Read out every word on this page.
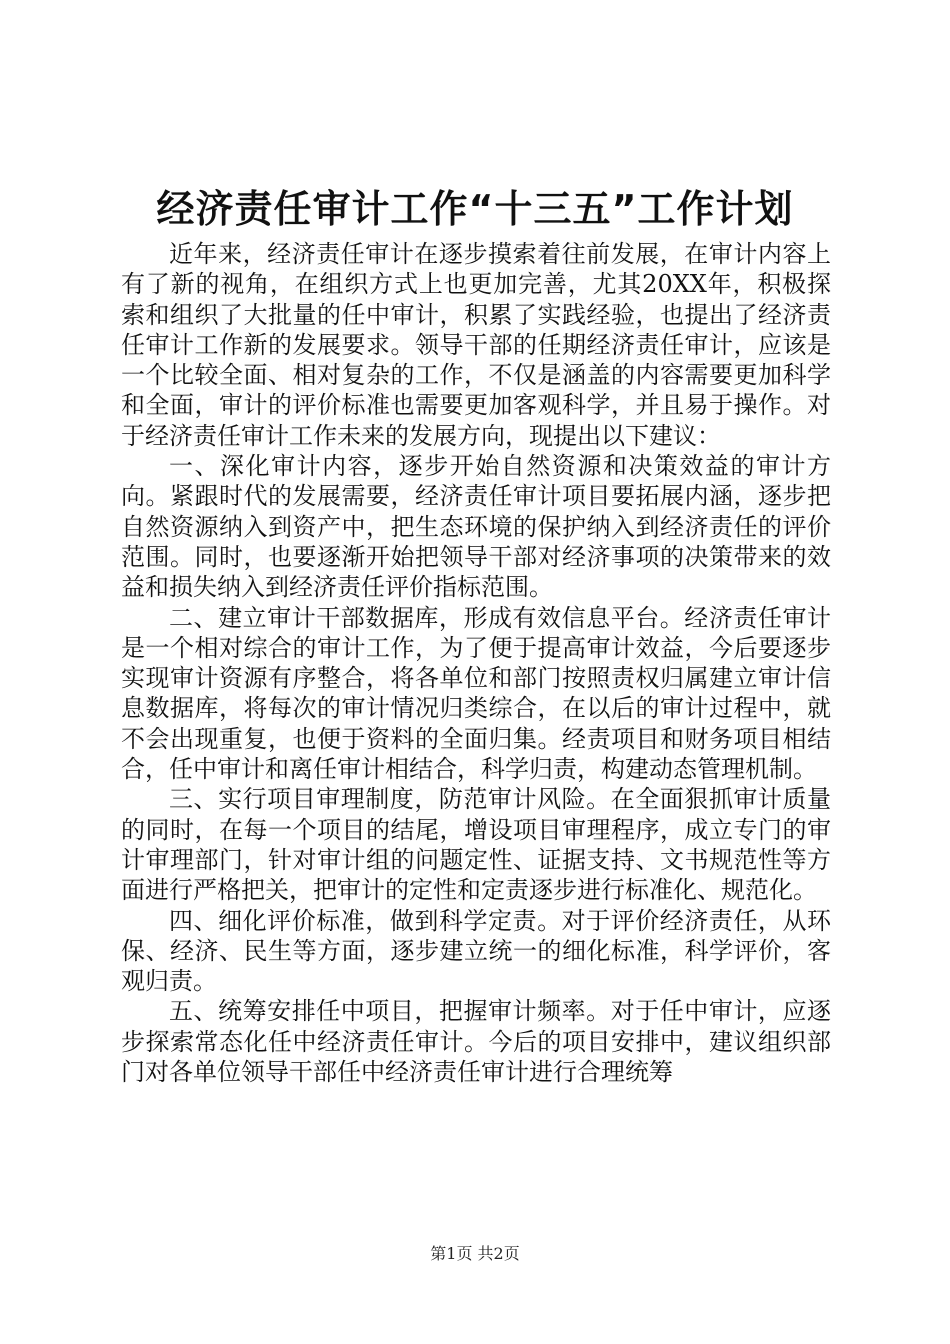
经济责任审计工作“十三五”工作计划

近年来，经济责任审计在逐步摸索着往前发展，在审计内容上有了新的视角，在组织方式上也更加完善，尤其20XX年，积极探索和组织了大批量的任中审计，积累了实践经验，也提出了经济责任审计工作新的发展要求。领导干部的任期经济责任审计，应该是一个比较全面、相对复杂的工作，不仅是涵盖的内容需要更加科学和全面，审计的评价标准也需要更加客观科学，并且易于操作。对于经济责任审计工作未来的发展方向，现提出以下建议：

一、深化审计内容，逐步开始自然资源和决策效益的审计方向。紧跟时代的发展需要，经济责任审计项目要拓展内涵，逐步把自然资源纳入到资产中，把生态环境的保护纳入到经济责任的评价范围。同时，也要逐渐开始把领导干部对经济事项的决策带来的效益和损失纳入到经济责任评价指标范围。

二、建立审计干部数据库，形成有效信息平台。经济责任审计是一个相对综合的审计工作，为了便于提高审计效益，今后要逐步实现审计资源有序整合，将各单位和部门按照责权归属建立审计信息数据库，将每次的审计情况归类综合，在以后的审计过程中，就不会出现重复，也便于资料的全面归集。经责项目和财务项目相结合，任中审计和离任审计相结合，科学归责，构建动态管理机制。

三、实行项目审理制度，防范审计风险。在全面狠抓审计质量的同时，在每一个项目的结尾，增设项目审理程序，成立专门的审计审理部门，针对审计组的问题定性、证据支持、文书规范性等方面进行严格把关，把审计的定性和定责逐步进行标准化、规范化。

四、细化评价标准，做到科学定责。对于评价经济责任，从环保、经济、民生等方面，逐步建立统一的细化标准，科学评价，客观归责。

五、统筹安排任中项目，把握审计频率。对于任中审计，应逐步探索常态化任中经济责任审计。今后的项目安排中，建议组织部门对各单位领导干部任中经济责任审计进行合理统筹

第1页 共2页
